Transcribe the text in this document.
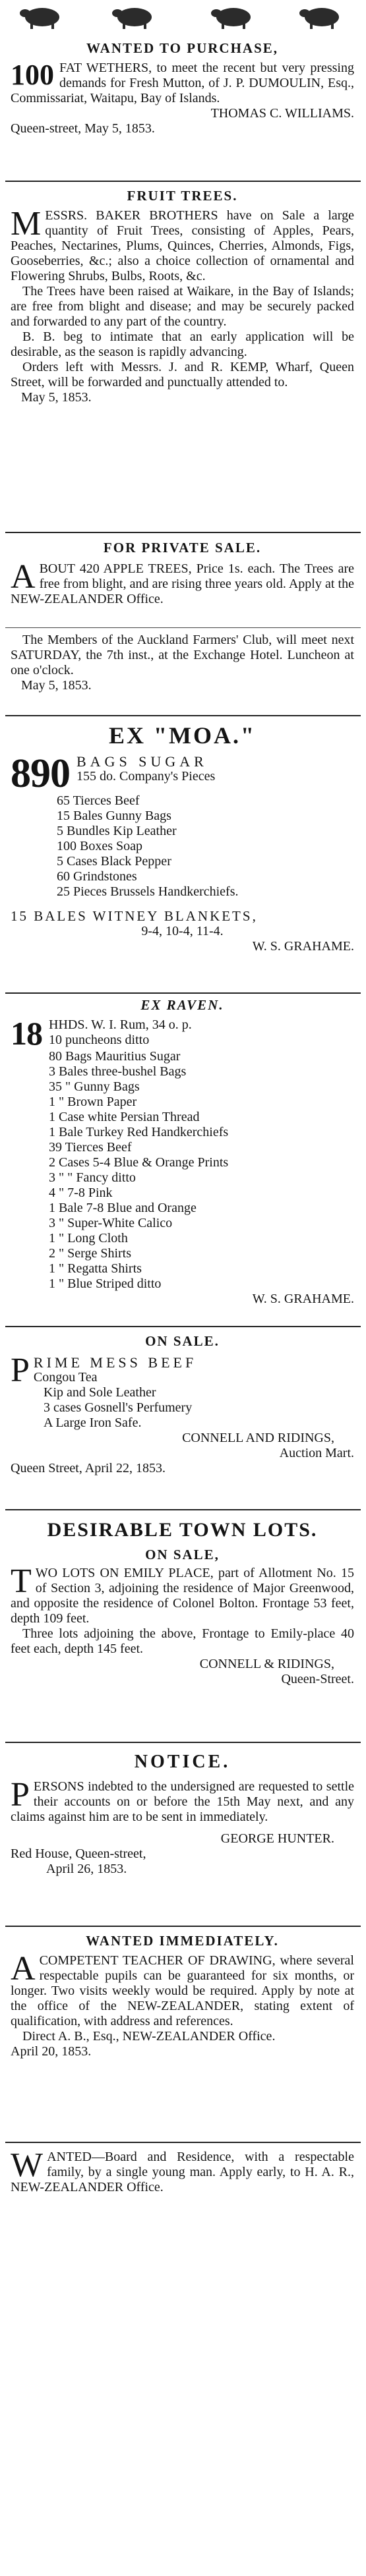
WANTED TO PURCHASE,
100 FAT WETHERS, to meet the recent but very pressing demands for Fresh Mutton, of J. P. DUMOULIN, Esq., Commissariat, Waitapu, Bay of Islands.

THOMAS C. WILLIAMS.

Queen-street, May 5, 1853.

FRUIT TREES.
M ESSRS. BAKER BROTHERS have on Sale a large quantity of Fruit Trees, consisting of Apples, Pears, Peaches, Nectarines, Plums, Quinces, Cherries, Almonds, Figs, Gooseberries, &c.; also a choice collection of ornamental and Flowering Shrubs, Bulbs, Roots, &c.

The Trees have been raised at Waikare, in the Bay of Islands; are free from blight and disease; and may be securely packed and forwarded to any part of the country.

B. B. beg to intimate that an early application will be desirable, as the season is rapidly advancing.

Orders left with Messrs. J. and R. KEMP, Wharf, Queen Street, will be forwarded and punctually attended to.

May 5, 1853.

FOR PRIVATE SALE.
A BOUT 420 APPLE TREES, Price 1s. each. The Trees are free from blight, and are rising three years old. Apply at the NEW-ZEALANDER Office.

The Members of the Auckland Farmers' Club, will meet next SATURDAY, the 7th inst., at the Exchange Hotel. Luncheon at one o'clock.

May 5, 1853.

EX "MOA."
890 BAGS SUGAR
155 do. Company's Pieces
65 Tierces Beef
15 Bales Gunny Bags
5 Bundles Kip Leather
100 Boxes Soap
5 Cases Black Pepper
60 Grindstones
25 Pieces Brussels Handkerchiefs.
15 BALES WITNEY BLANKETS,
9-4, 10-4, 11-4.

W. S. GRAHAME.

EX RAVEN.
18 HHDS. W. I. Rum, 34 o. p.
10 puncheons ditto
80 Bags Mauritius Sugar
3 Bales three-bushel Bags
35 " Gunny Bags
1 " Brown Paper
1 Case white Persian Thread
1 Bale Turkey Red Handkerchiefs
39 Tierces Beef
2 Cases 5-4 Blue & Orange Prints
3 " " Fancy ditto
4 " 7-8 Pink
1 Bale 7-8 Blue and Orange
3 " Super-White Calico
1 " Long Cloth
2 " Serge Shirts
1 " Regatta Shirts
1 " Blue Striped ditto

W. S. GRAHAME.

ON SALE.
P RIME MESS BEEF
Congou Tea
Kip and Sole Leather
3 cases Gosnell's Perfumery
A Large Iron Safe.

CONNELL AND RIDINGS,

Auction Mart.

Queen Street, April 22, 1853.

DESIRABLE TOWN LOTS.
ON SALE,
T WO LOTS ON EMILY PLACE, part of Allotment No. 15 of Section 3, adjoining the residence of Major Greenwood, and opposite the residence of Colonel Bolton. Frontage 53 feet, depth 109 feet.

Three lots adjoining the above, Frontage to Emily-place 40 feet each, depth 145 feet.

CONNELL & RIDINGS,

Queen-Street.

NOTICE.
P ERSONS indebted to the undersigned are requested to settle their accounts on or before the 15th May next, and any claims against him are to be sent in immediately.

GEORGE HUNTER.

Red House, Queen-street,

April 26, 1853.

WANTED IMMEDIATELY.
A COMPETENT TEACHER OF DRAWING, where several respectable pupils can be guaranteed for six months, or longer. Two visits weekly would be required. Apply by note at the office of the NEW-ZEALANDER, stating extent of qualification, with address and references.

Direct A. B., Esq., NEW-ZEALANDER Office.

April 20, 1853.

W ANTED—Board and Residence, with a respectable family, by a single young man. Apply early, to H. A. R., NEW-ZEALANDER Office.
